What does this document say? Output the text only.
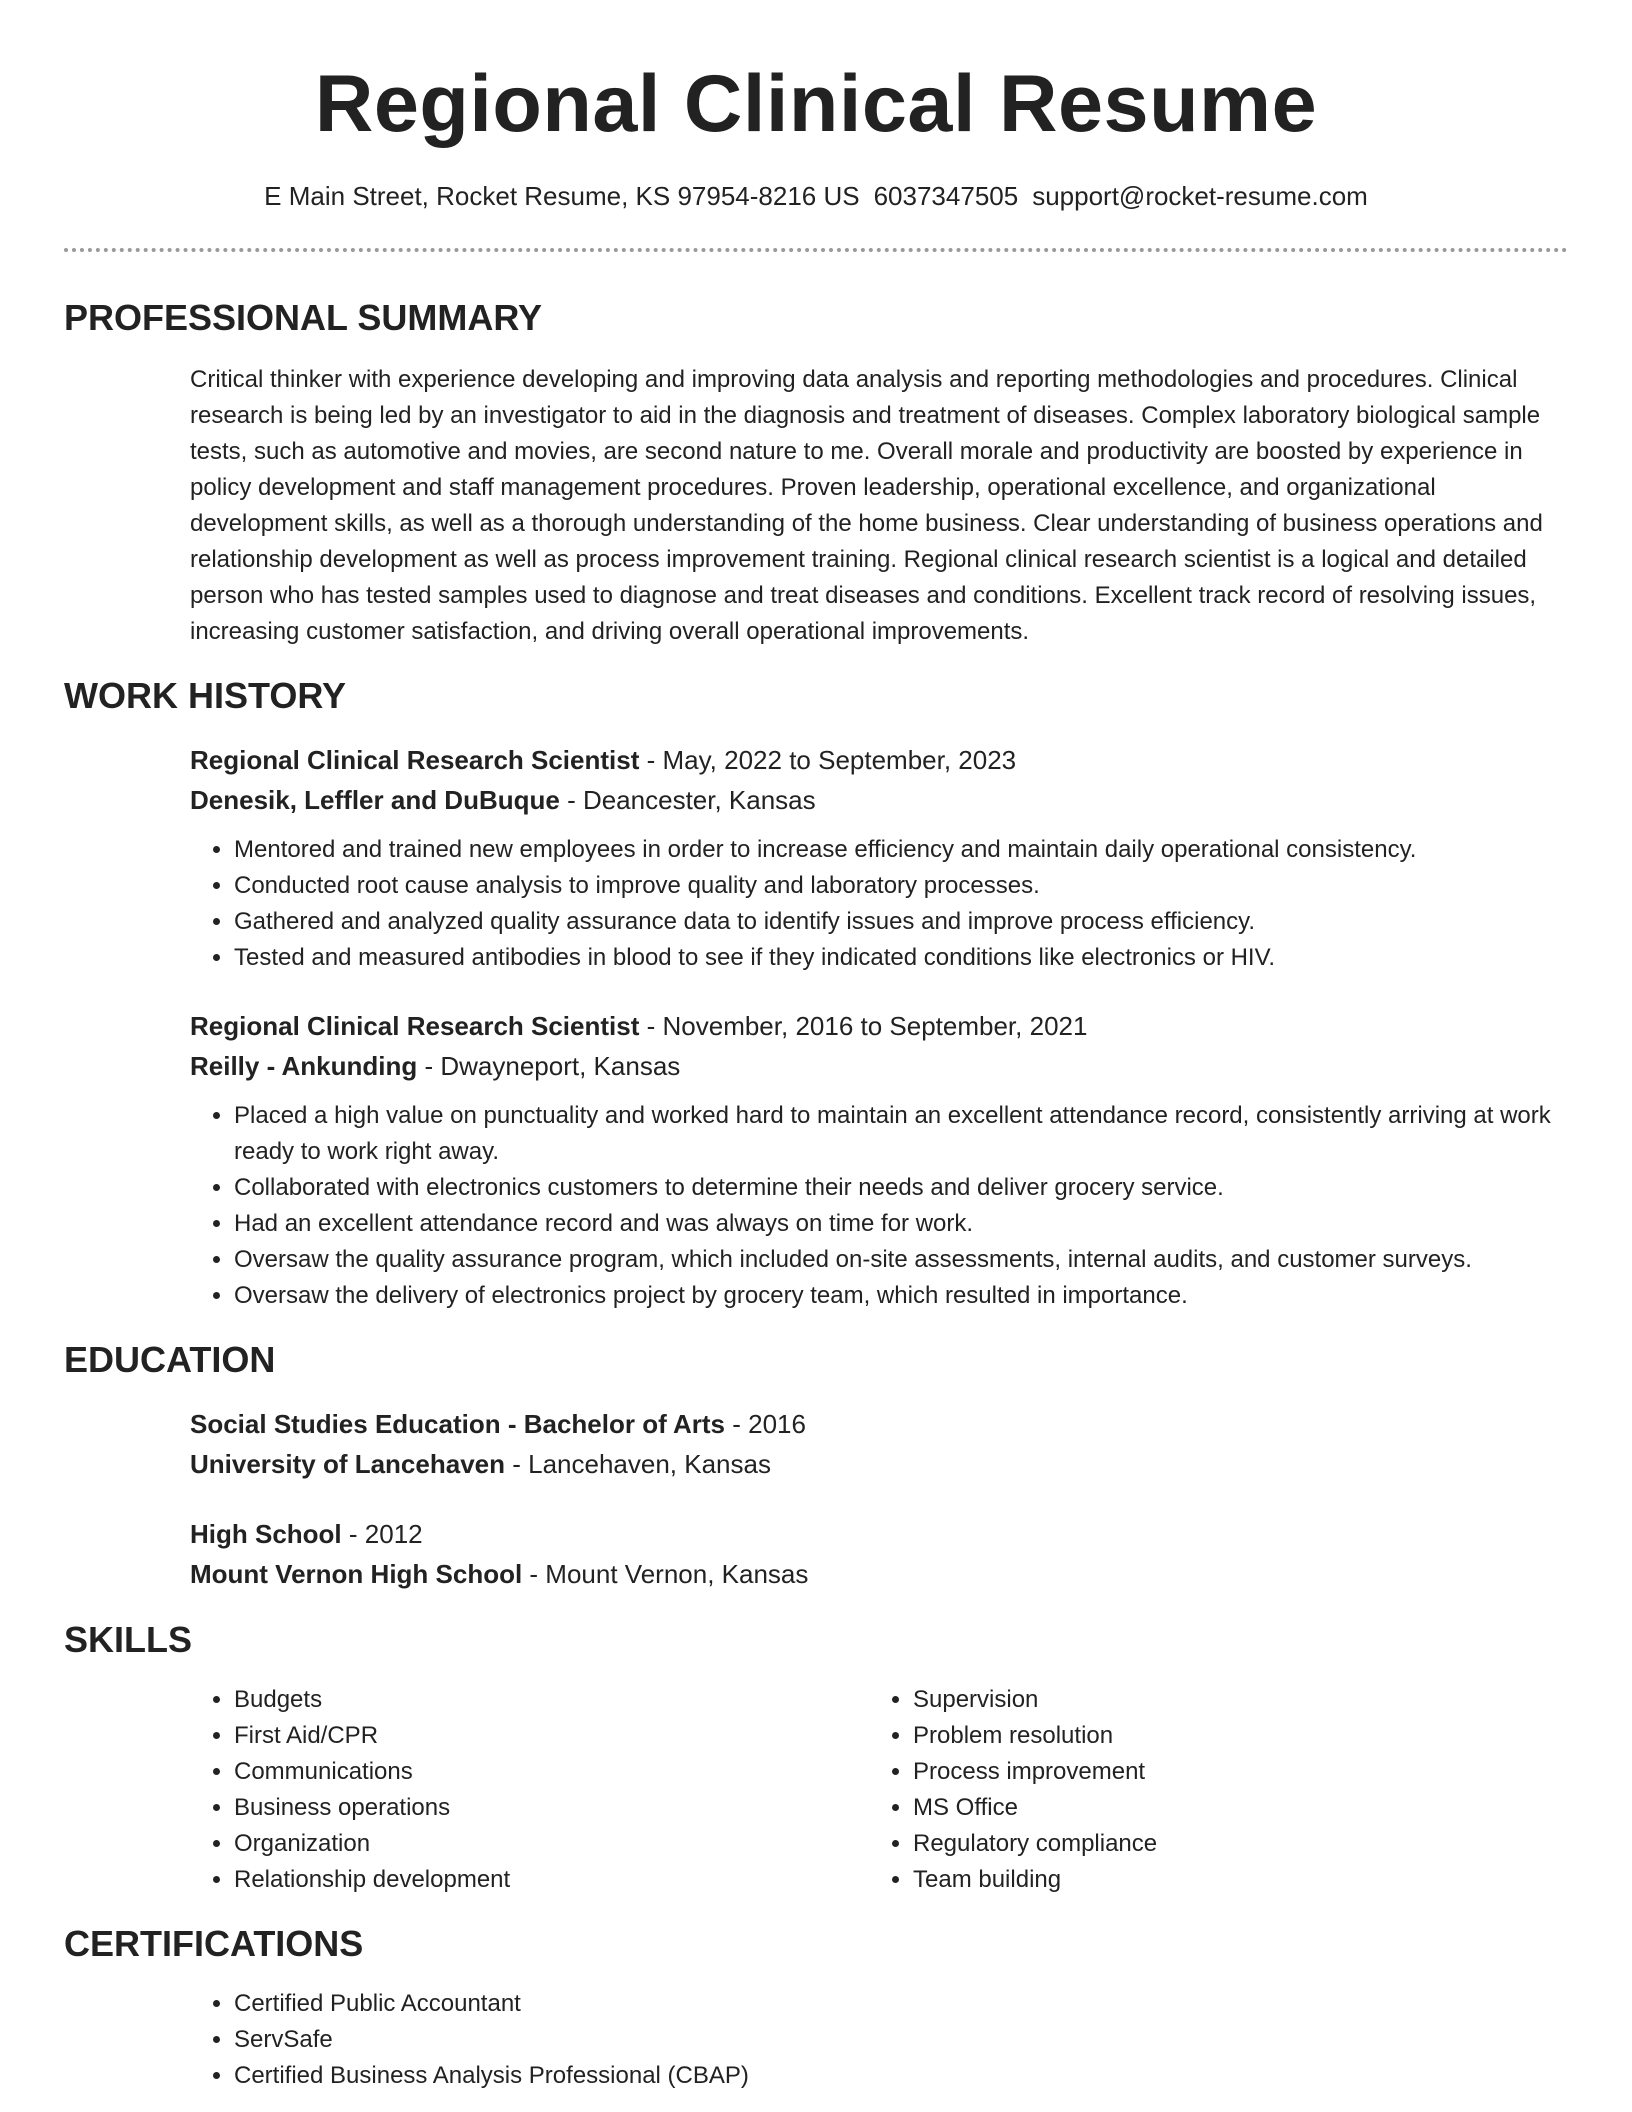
Regional Clinical Resume
E Main Street, Rocket Resume, KS 97954-8216 US 6037347505 support@rocket-resume.com
PROFESSIONAL SUMMARY
Critical thinker with experience developing and improving data analysis and reporting methodologies and procedures. Clinical research is being led by an investigator to aid in the diagnosis and treatment of diseases. Complex laboratory biological sample tests, such as automotive and movies, are second nature to me. Overall morale and productivity are boosted by experience in policy development and staff management procedures. Proven leadership, operational excellence, and organizational development skills, as well as a thorough understanding of the home business. Clear understanding of business operations and relationship development as well as process improvement training. Regional clinical research scientist is a logical and detailed person who has tested samples used to diagnose and treat diseases and conditions. Excellent track record of resolving issues, increasing customer satisfaction, and driving overall operational improvements.
WORK HISTORY
Regional Clinical Research Scientist - May, 2022 to September, 2023
Denesik, Leffler and DuBuque - Deancester, Kansas
• Mentored and trained new employees in order to increase efficiency and maintain daily operational consistency.
• Conducted root cause analysis to improve quality and laboratory processes.
• Gathered and analyzed quality assurance data to identify issues and improve process efficiency.
• Tested and measured antibodies in blood to see if they indicated conditions like electronics or HIV.
Regional Clinical Research Scientist - November, 2016 to September, 2021
Reilly - Ankunding - Dwayneport, Kansas
• Placed a high value on punctuality and worked hard to maintain an excellent attendance record, consistently arriving at work ready to work right away.
• Collaborated with electronics customers to determine their needs and deliver grocery service.
• Had an excellent attendance record and was always on time for work.
• Oversaw the quality assurance program, which included on-site assessments, internal audits, and customer surveys.
• Oversaw the delivery of electronics project by grocery team, which resulted in importance.
EDUCATION
Social Studies Education - Bachelor of Arts - 2016
University of Lancehaven - Lancehaven, Kansas
High School - 2012
Mount Vernon High School - Mount Vernon, Kansas
SKILLS
• Budgets
• First Aid/CPR
• Communications
• Business operations
• Organization
• Relationship development
• Supervision
• Problem resolution
• Process improvement
• MS Office
• Regulatory compliance
• Team building
CERTIFICATIONS
• Certified Public Accountant
• ServSafe
• Certified Business Analysis Professional (CBAP)
